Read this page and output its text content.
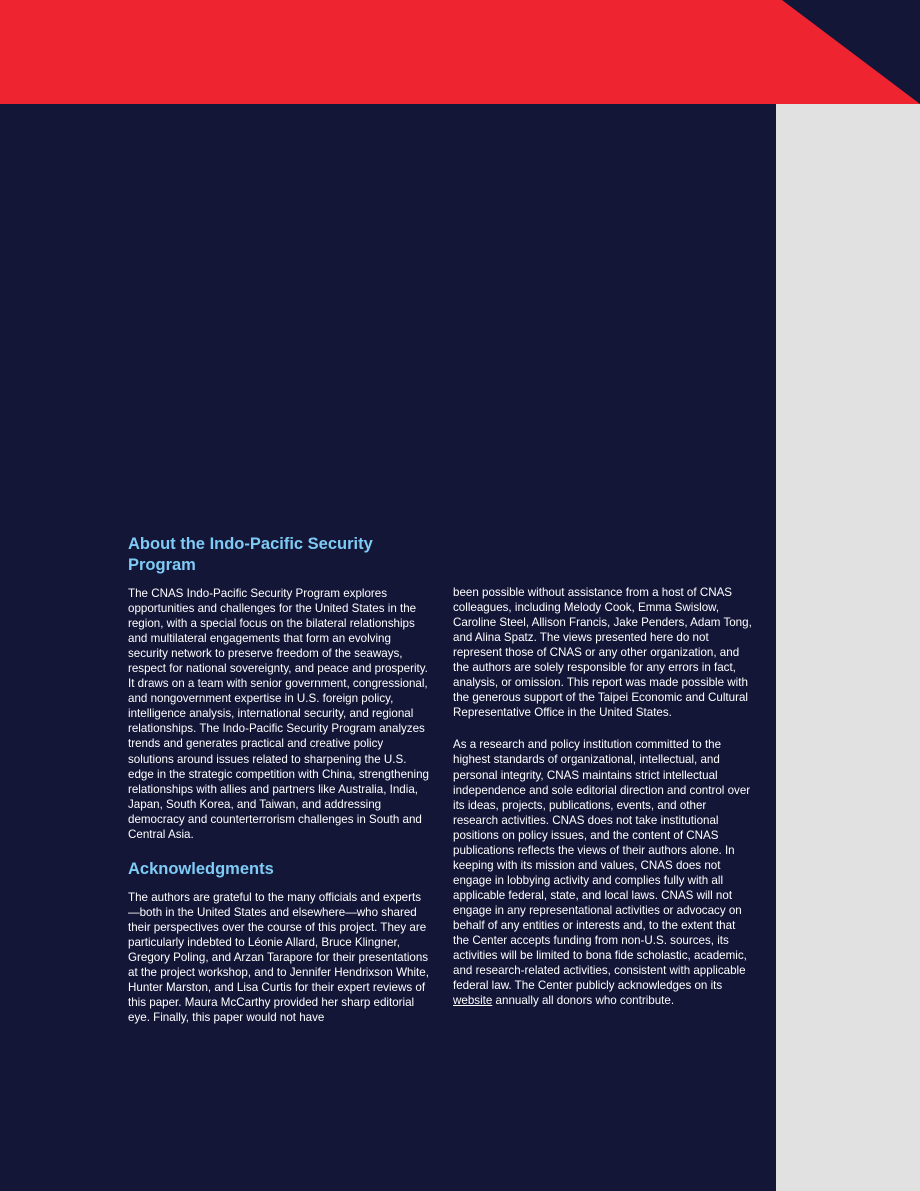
About the Indo-Pacific Security Program

The CNAS Indo-Pacific Security Program explores opportunities and challenges for the United States in the region, with a special focus on the bilateral relationships and multilateral engagements that form an evolving security network to preserve freedom of the seaways, respect for national sovereignty, and peace and prosperity. It draws on a team with senior government, congressional, and nongovernment expertise in U.S. foreign policy, intelligence analysis, international security, and regional relationships. The Indo-Pacific Security Program analyzes trends and generates practical and creative policy solutions around issues related to sharpening the U.S. edge in the strategic competition with China, strengthening relationships with allies and partners like Australia, India, Japan, South Korea, and Taiwan, and addressing democracy and counterterrorism challenges in South and Central Asia.

Acknowledgments

The authors are grateful to the many officials and experts—both in the United States and elsewhere—who shared their perspectives over the course of this project. They are particularly indebted to Léonie Allard, Bruce Klingner, Gregory Poling, and Arzan Tarapore for their presentations at the project workshop, and to Jennifer Hendrixson White, Hunter Marston, and Lisa Curtis for their expert reviews of this paper. Maura McCarthy provided her sharp editorial eye. Finally, this paper would not have

been possible without assistance from a host of CNAS colleagues, including Melody Cook, Emma Swislow, Caroline Steel, Allison Francis, Jake Penders, Adam Tong, and Alina Spatz. The views presented here do not represent those of CNAS or any other organization, and the authors are solely responsible for any errors in fact, analysis, or omission. This report was made possible with the generous support of the Taipei Economic and Cultural Representative Office in the United States.

As a research and policy institution committed to the highest standards of organizational, intellectual, and personal integrity, CNAS maintains strict intellectual independence and sole editorial direction and control over its ideas, projects, publications, events, and other research activities. CNAS does not take institutional positions on policy issues, and the content of CNAS publications reflects the views of their authors alone. In keeping with its mission and values, CNAS does not engage in lobbying activity and complies fully with all applicable federal, state, and local laws. CNAS will not engage in any representational activities or advocacy on behalf of any entities or interests and, to the extent that the Center accepts funding from non-U.S. sources, its activities will be limited to bona fide scholastic, academic, and research-related activities, consistent with applicable federal law. The Center publicly acknowledges on its website annually all donors who contribute.
